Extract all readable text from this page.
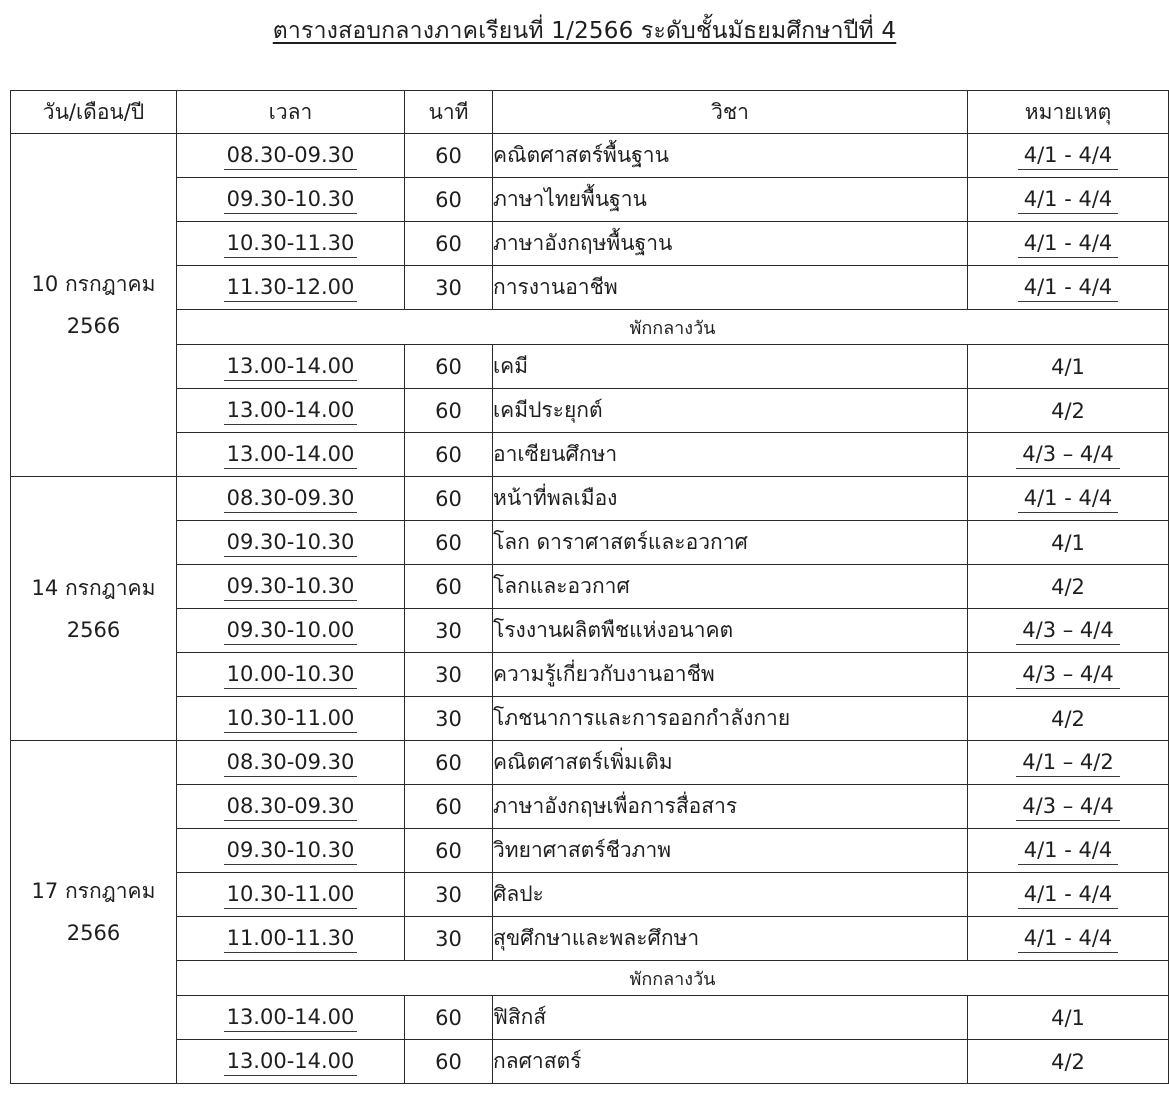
ตารางสอบกลางภาคเรียนที่ 1/2566 ระดับชั้นมัธยมศึกษาปีที่ 4
วัน/เดือน/ปี	เวลา	นาที	วิชา	หมายเหตุ

10 กรกฎาคม
2566	08.30-09.30	60	คณิตศาสตร์พื้นฐาน	4/1 - 4/4
	09.30-10.30	60	ภาษาไทยพื้นฐาน	4/1 - 4/4
	10.30-11.30	60	ภาษาอังกฤษพื้นฐาน	4/1 - 4/4
	11.30-12.00	30	การงานอาชีพ	4/1 - 4/4
	พักกลางวัน			
	13.00-14.00	60	เคมี	4/1
	13.00-14.00	60	เคมีประยุกต์	4/2
	13.00-14.00	60	อาเซียนศึกษา	4/3 – 4/4

14 กรกฎาคม
2566	08.30-09.30	60	หน้าที่พลเมือง	4/1 - 4/4
	09.30-10.30	60	โลก ดาราศาสตร์และอวกาศ	4/1
	09.30-10.30	60	โลกและอวกาศ	4/2
	09.30-10.00	30	โรงงานผลิตพืชแห่งอนาคต	4/3 – 4/4
	10.00-10.30	30	ความรู้เกี่ยวกับงานอาชีพ	4/3 – 4/4
	10.30-11.00	30	โภชนาการและการออกกำลังกาย	4/2

17 กรกฎาคม
2566	08.30-09.30	60	คณิตศาสตร์เพิ่มเติม	4/1 – 4/2
	08.30-09.30	60	ภาษาอังกฤษเพื่อการสื่อสาร	4/3 – 4/4
	09.30-10.30	60	วิทยาศาสตร์ชีวภาพ	4/1 - 4/4
	10.30-11.00	30	ศิลปะ	4/1 - 4/4
	11.00-11.30	30	สุขศึกษาและพละศึกษา	4/1 - 4/4
	พักกลางวัน			
	13.00-14.00	60	ฟิสิกส์	4/1
	13.00-14.00	60	กลศาสตร์	4/2
